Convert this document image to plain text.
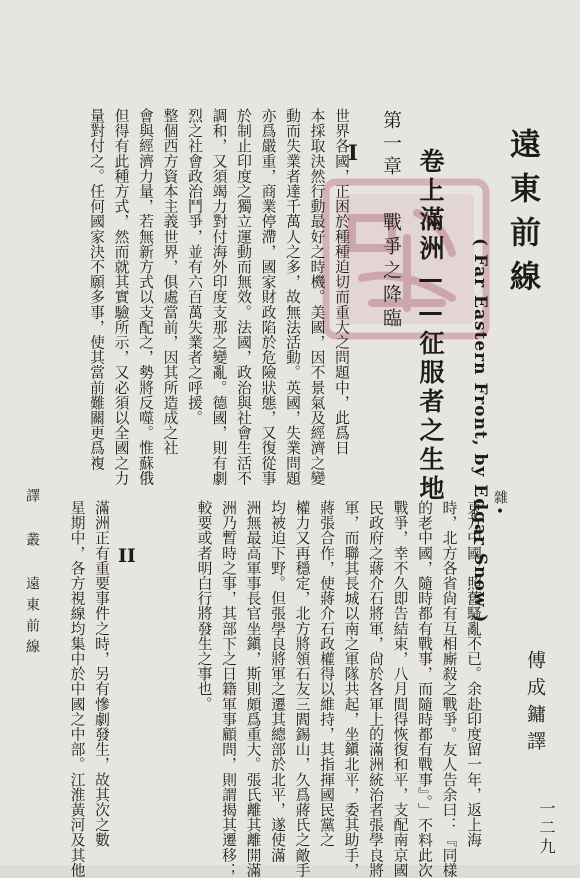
遠東前線
( Far Eastern Front, by Edgar Snow )
卷上滿洲——征服者之生地
第一章
戰爭之降臨
I
世界各國，正困於種種迫切而重大之問題中，此爲日
本採取決然行動最好之時機。美國，因不景氣及經濟之變
動而失業者達千萬人之多，故無法活動。英國，失業問題
亦爲嚴重，商業停滯，國家財政陷於危險狀態，又復從事
於制止印度之獨立運動而無效。法國，政治與社會生活不
調和，又須竭力對付海外印度支那之變亂。德國，則有劇
烈之社會政治鬥爭，並有六百萬失業者之呼援。
整個西方資本主義世界，俱處當前，因其所造成之社
會與經濟力量，若無新方式以支配之，勢將反噬。惟蘇俄
但得有此種方式，然而就其實驗所示，又必須以全國之力
量對付之。任何國家決不願多事，使其當前難關更爲複
傅成鏞譯
雜•
東方中國，照舊騷亂不已。余赴印度留一年，返上海
時，北方各省尙有互相廝殺之戰爭。友人告余曰：『同樣
的老中國，隨時都有戰事，而隨時都有戰事』。」不料此次
戰爭，幸不久即告結束，八月間得恢復和平，支配南京國
民政府之蔣介石將軍，尙於各軍上的滿洲統治者張學良將
軍，而聯其長城以南之軍隊共起，坐鎭北平，委其助手，
蔣張合作，使蔣介石政權得以維持，其指揮國民黨之
權力又再穩定，北方將領石友三閻錫山，久爲蔣氏之敵手
均被迫下野。但張學良將軍之遷其總部於北平，遂使滿
洲無最高軍事長官坐鎭，斯則頗爲重大。張氏離其離開滿
洲乃暫時之事，其部下之日籍軍事顧問，則謂揭其遷移；
較要或者明白行將發生之事也。
II
滿洲正有重要事件之時，另有慘劇發生，故其次之數
星期中，各方視線均集中於中國之中部。江淮黃河及其他
譯 叢 遠東前線
一二九
